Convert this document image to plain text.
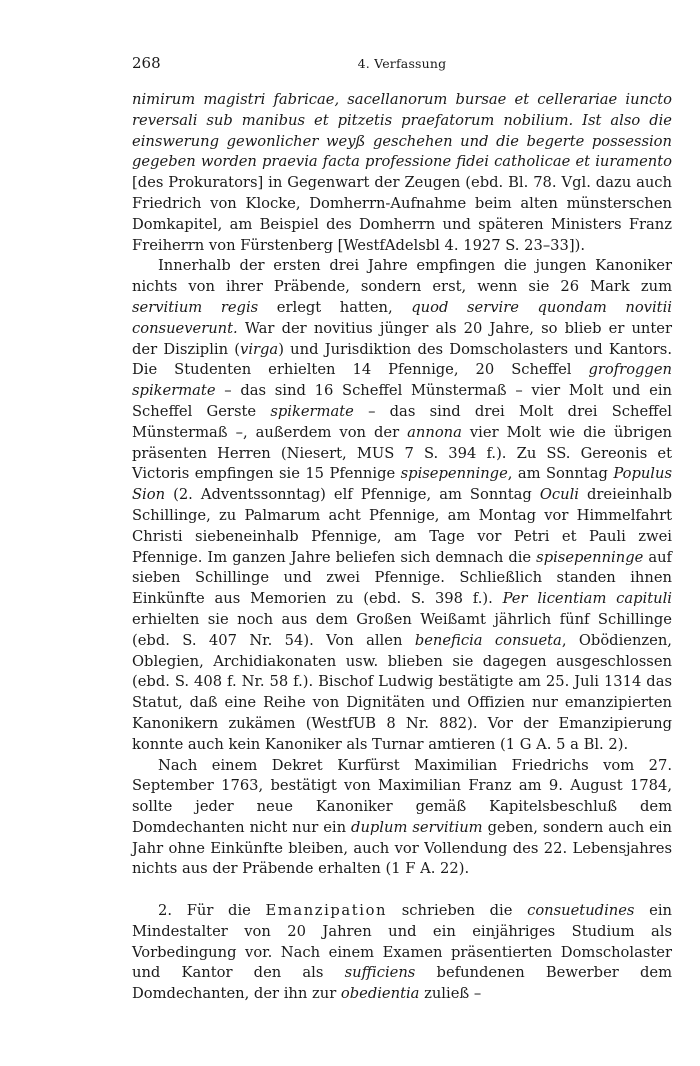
268	4. Verfassung

nimirum magistri fabricae, sacellanorum bursae et cellerariae iuncto reversali sub manibus et pitzetis praefatorum nobilium. Ist also die einswerung gewonlicher weyß geschehen und die begerte possession gegeben worden praevia facta professione fidei catholicae et iuramento [des Prokurators] in Gegenwart der Zeugen (ebd. Bl. 78. Vgl. dazu auch Friedrich von Klocke, Domherrn-Aufnahme beim alten münsterschen Domkapitel, am Beispiel des Domherrn und späteren Ministers Franz Freiherrn von Fürstenberg [WestfAdelsbl 4. 1927 S. 23–33]).

Innerhalb der ersten drei Jahre empfingen die jungen Kanoniker nichts von ihrer Präbende, sondern erst, wenn sie 26 Mark zum servitium regis erlegt hatten, quod servire quondam novitii consueverunt. War der novitius jünger als 20 Jahre, so blieb er unter der Disziplin (virga) und Jurisdiktion des Domscholasters und Kantors. Die Studenten erhielten 14 Pfennige, 20 Scheffel grofroggen spikermate – das sind 16 Scheffel Münstermaß – vier Molt und ein Scheffel Gerste spikermate – das sind drei Molt drei Scheffel Münstermaß –, außerdem von der annona vier Molt wie die übrigen präsenten Herren (Niesert, MUS 7 S. 394 f.). Zu SS. Gereonis et Victoris empfingen sie 15 Pfennige spisepenninge, am Sonntag Populus Sion (2. Adventssonntag) elf Pfennige, am Sonntag Oculi dreieinhalb Schillinge, zu Palmarum acht Pfennige, am Montag vor Himmelfahrt Christi siebeneinhalb Pfennige, am Tage vor Petri et Pauli zwei Pfennige. Im ganzen Jahre beliefen sich demnach die spisepenninge auf sieben Schillinge und zwei Pfennige. Schließlich standen ihnen Einkünfte aus Memorien zu (ebd. S. 398 f.). Per licentiam capituli erhielten sie noch aus dem Großen Weißamt jährlich fünf Schillinge (ebd. S. 407 Nr. 54). Von allen beneficia consueta, Obödienzen, Oblegien, Archidiakonaten usw. blieben sie dagegen ausgeschlossen (ebd. S. 408 f. Nr. 58 f.). Bischof Ludwig bestätigte am 25. Juli 1314 das Statut, daß eine Reihe von Dignitäten und Offizien nur emanzipierten Kanonikern zukämen (WestfUB 8 Nr. 882). Vor der Emanzipierung konnte auch kein Kanoniker als Turnar amtieren (1 G A. 5 a Bl. 2).

Nach einem Dekret Kurfürst Maximilian Friedrichs vom 27. September 1763, bestätigt von Maximilian Franz am 9. August 1784, sollte jeder neue Kanoniker gemäß Kapitelsbeschluß dem Domdechanten nicht nur ein duplum servitium geben, sondern auch ein Jahr ohne Einkünfte bleiben, auch vor Vollendung des 22. Lebensjahres nichts aus der Präbende erhalten (1 F A. 22).

2. Für die Emanzipation schrieben die consuetudines ein Mindestalter von 20 Jahren und ein einjähriges Studium als Vorbedingung vor. Nach einem Examen präsentierten Domscholaster und Kantor den als sufficiens befundenen Bewerber dem Domdechanten, der ihn zur obedientia zuließ –
